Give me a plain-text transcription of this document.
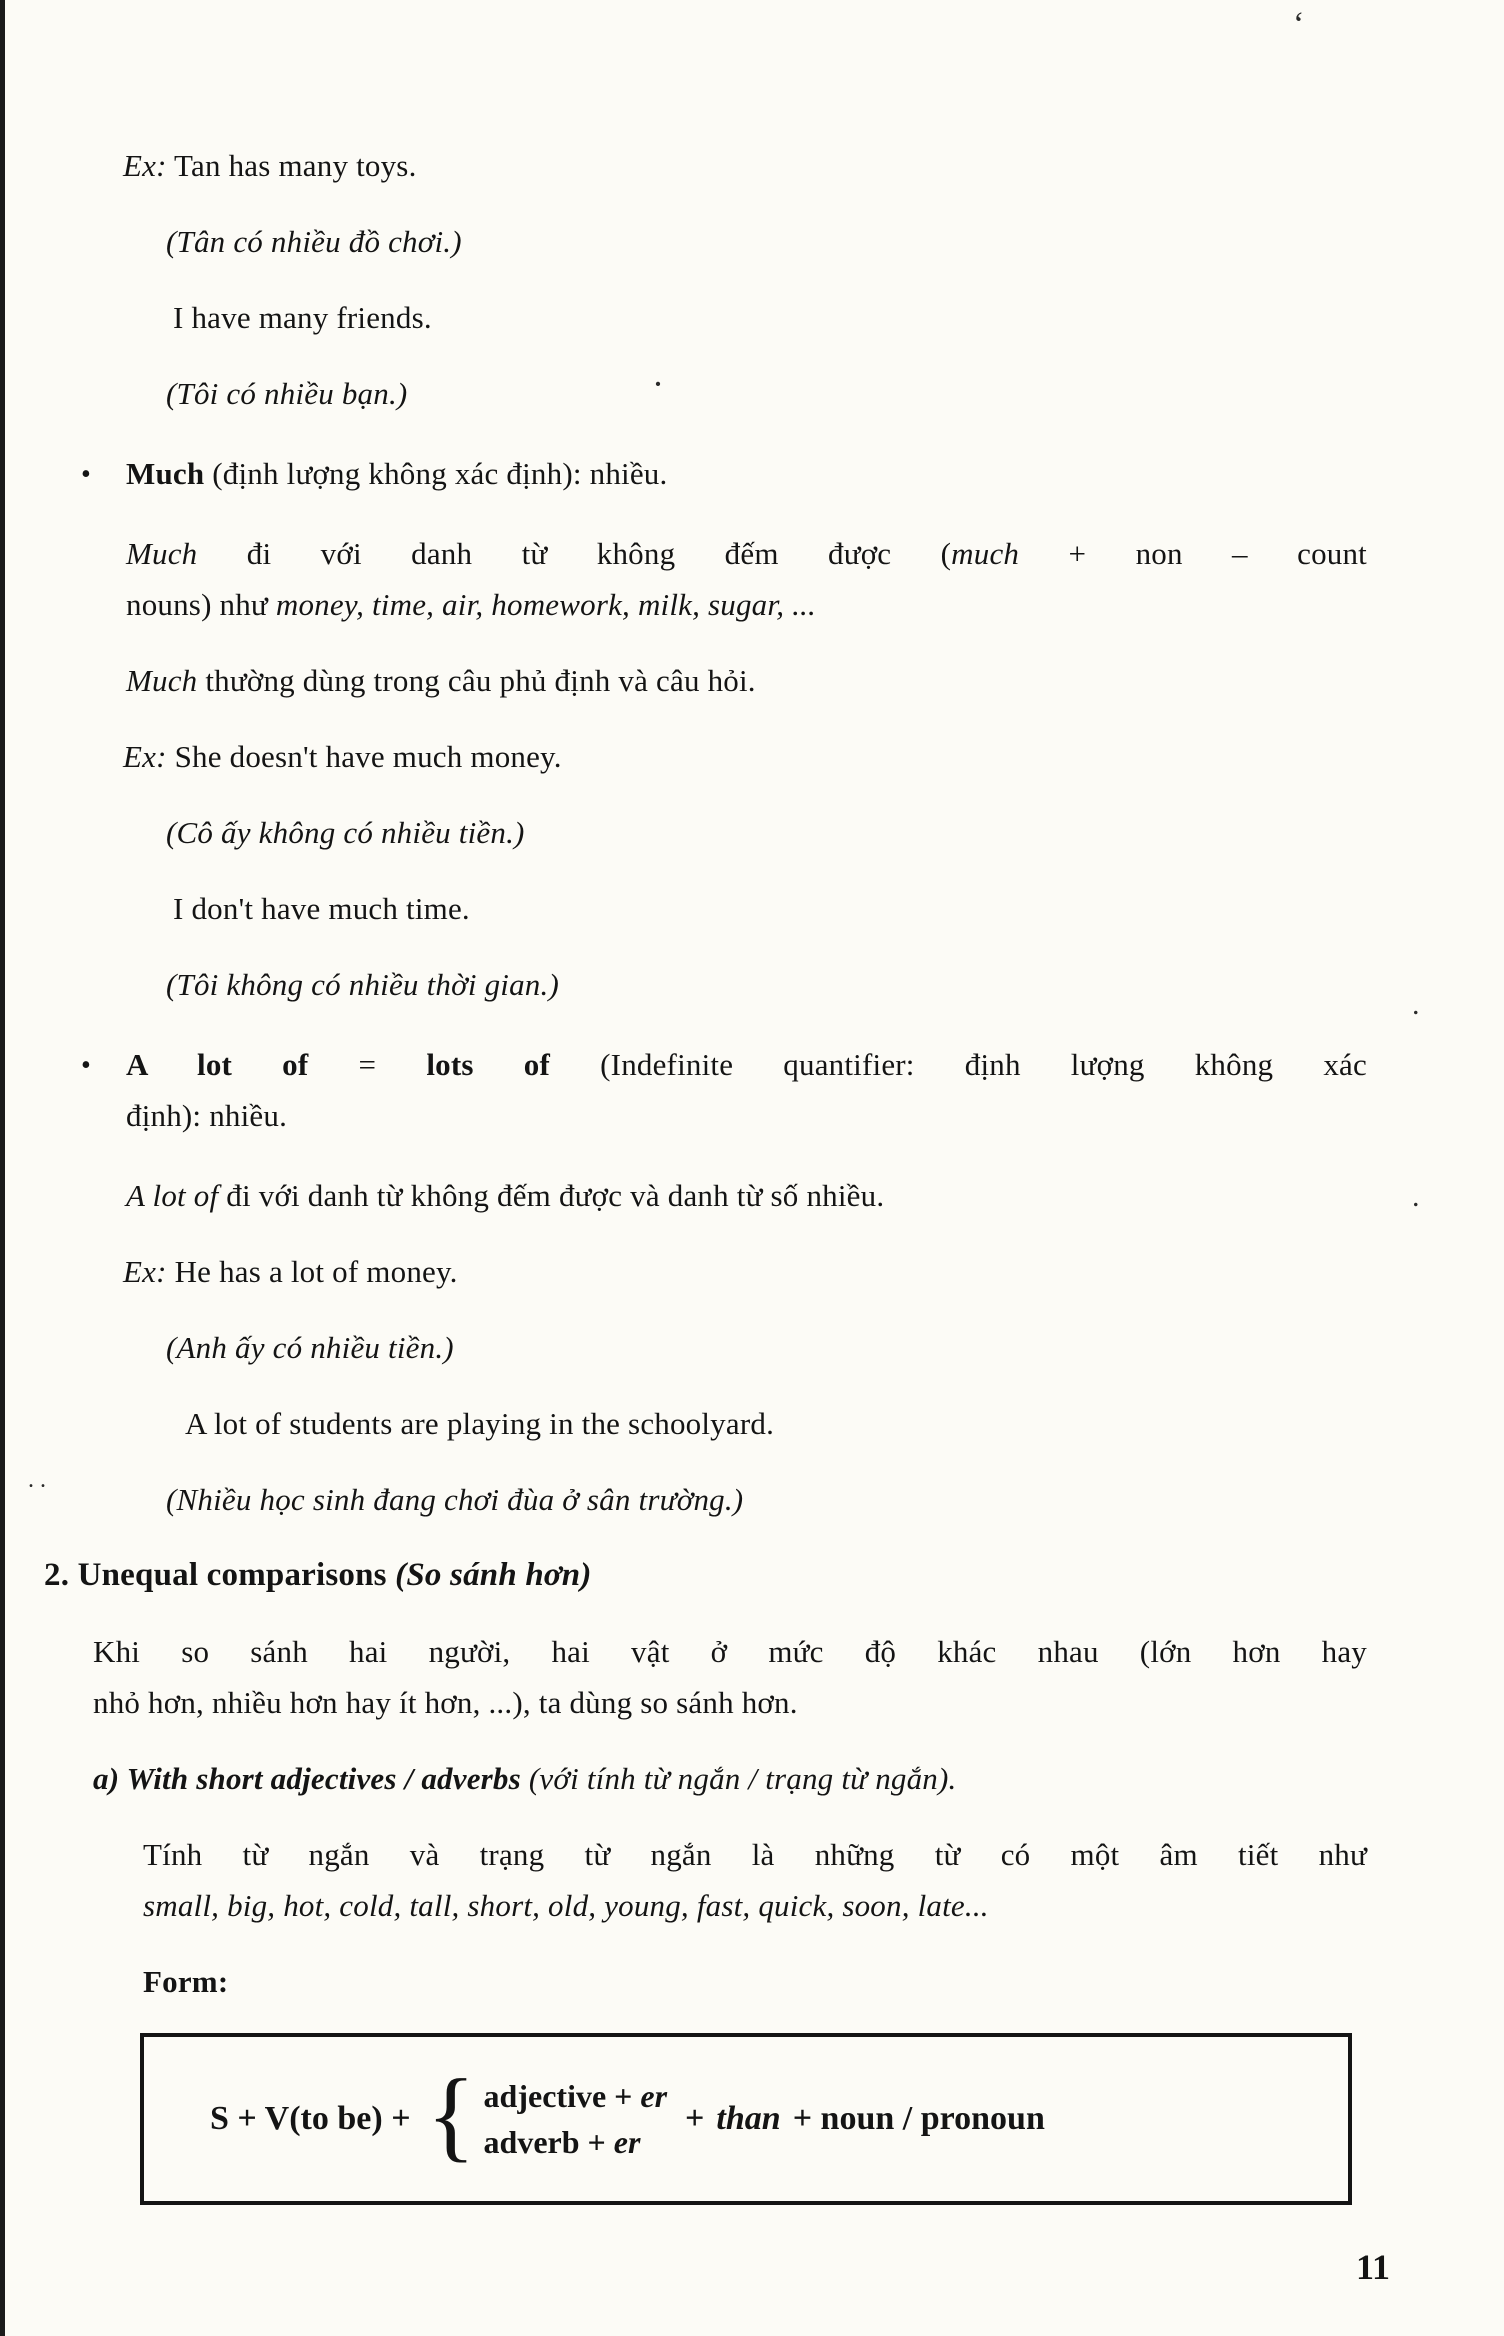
Ex: Tan has many toys.
(Tân có nhiều đồ chơi.)
I have many friends.
(Tôi có nhiều bạn.)
• Much (định lượng không xác định): nhiều.
Much đi với danh từ không đếm được (much + non – count
nouns) như money, time, air, homework, milk, sugar, ...
Much thường dùng trong câu phủ định và câu hỏi.
Ex: She doesn't have much money.
(Cô ấy không có nhiều tiền.)
I don't have much time.
(Tôi không có nhiều thời gian.)
• A lot of = lots of (Indefinite quantifier: định lượng không xác
định): nhiều.
A lot of đi với danh từ không đếm được và danh từ số nhiều.
Ex: He has a lot of money.
(Anh ấy có nhiều tiền.)
A lot of students are playing in the schoolyard.
(Nhiều học sinh đang chơi đùa ở sân trường.)
2. Unequal comparisons (So sánh hơn)
Khi so sánh hai người, hai vật ở mức độ khác nhau (lớn hơn hay
nhỏ hơn, nhiều hơn hay ít hơn, ...), ta dùng so sánh hơn.
a) With short adjectives / adverbs (với tính từ ngắn / trạng từ ngắn).
Tính từ ngắn và trạng từ ngắn là những từ có một âm tiết như
small, big, hot, cold, tall, short, old, young, fast, quick, soon, late...
Form:
S + V(to be) + { adjective + er
adverb + er
+ than + noun / pronoun
11
‘
·
. .
.
.
